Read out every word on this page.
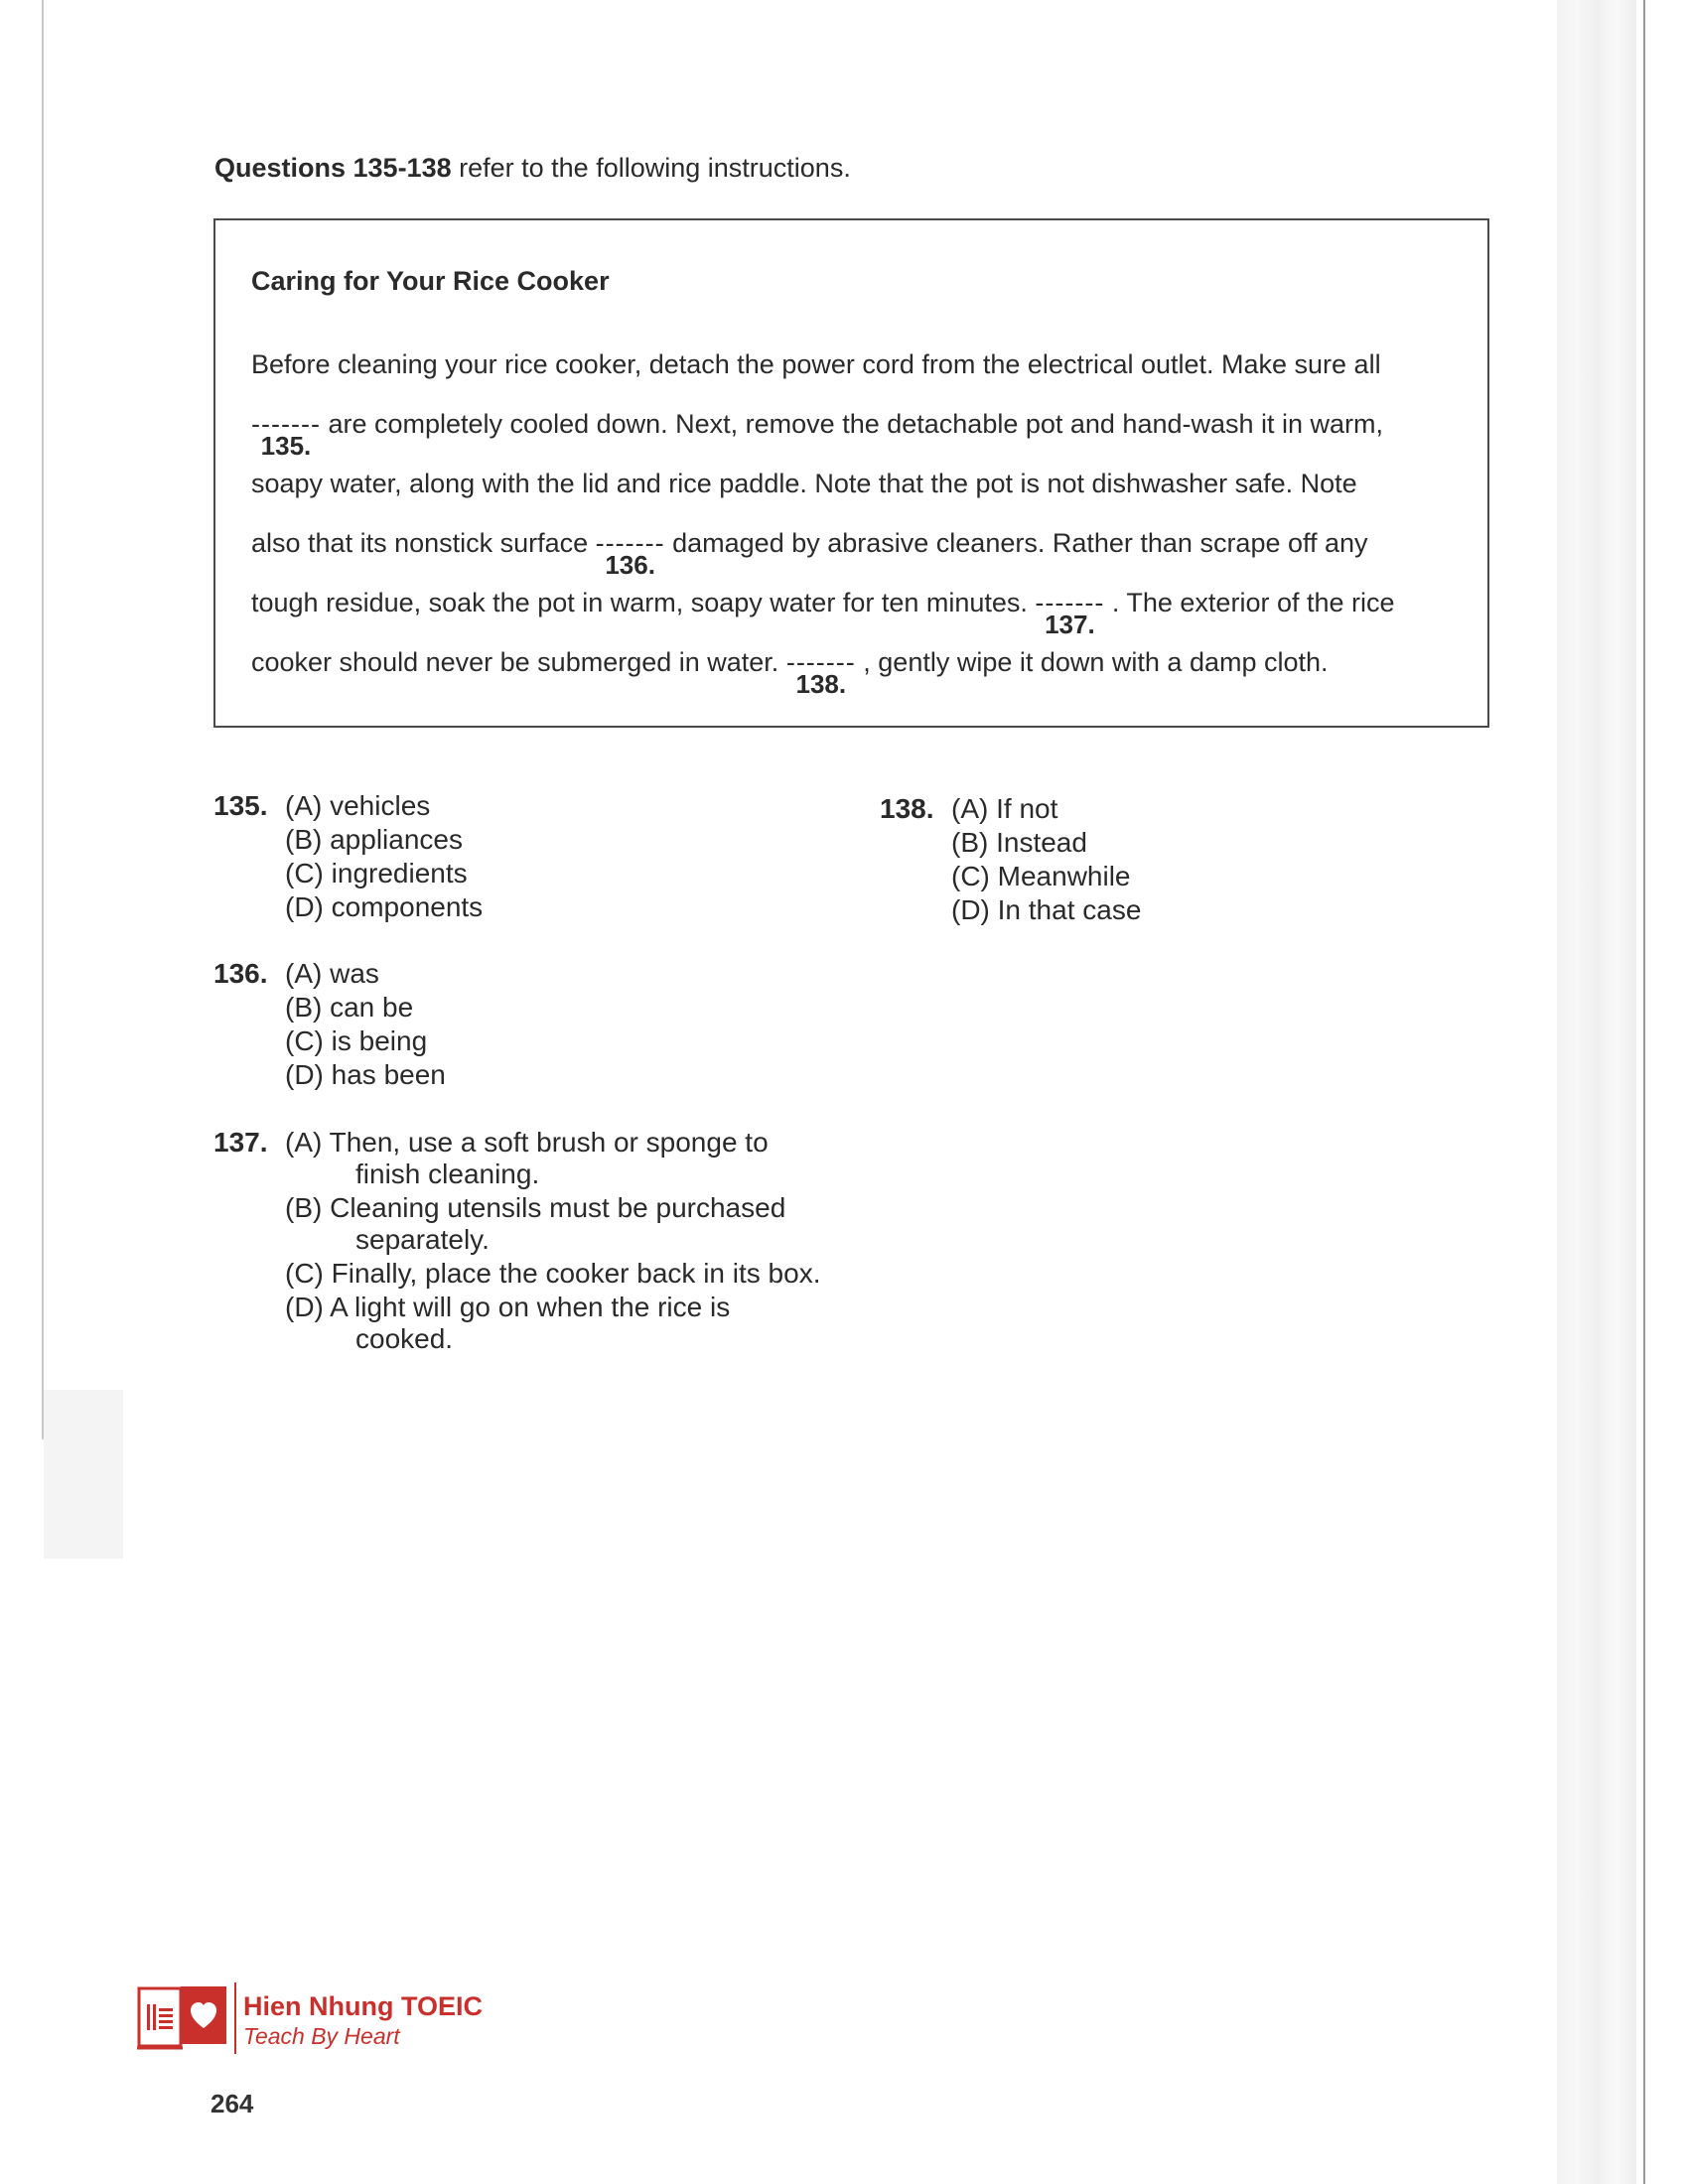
Questions 135-138 refer to the following instructions.
Caring for Your Rice Cooker
Before cleaning your rice cooker, detach the power cord from the electrical outlet. Make sure all
-------
135.
are completely cooled down. Next, remove the detachable pot and hand-wash it in warm,
soapy water, along with the lid and rice paddle. Note that the pot is not dishwasher safe. Note
also that its nonstick surface -------
136.
damaged by abrasive cleaners. Rather than scrape off any
tough residue, soak the pot in warm, soapy water for ten minutes. -------
137.
. The exterior of the rice
cooker should never be submerged in water. -------
138.
, gently wipe it down with a damp cloth.
135. (A) vehicles
(B) appliances
(C) ingredients
(D) components
136. (A) was
(B) can be
(C) is being
(D) has been
137. (A) Then, use a soft brush or sponge to
finish cleaning.
(B) Cleaning utensils must be purchased
separately.
(C) Finally, place the cooker back in its box.
(D) A light will go on when the rice is
cooked.
138. (A) If not
(B) Instead
(C) Meanwhile
(D) In that case
Hien Nhung TOEIC
Teach By Heart
264
